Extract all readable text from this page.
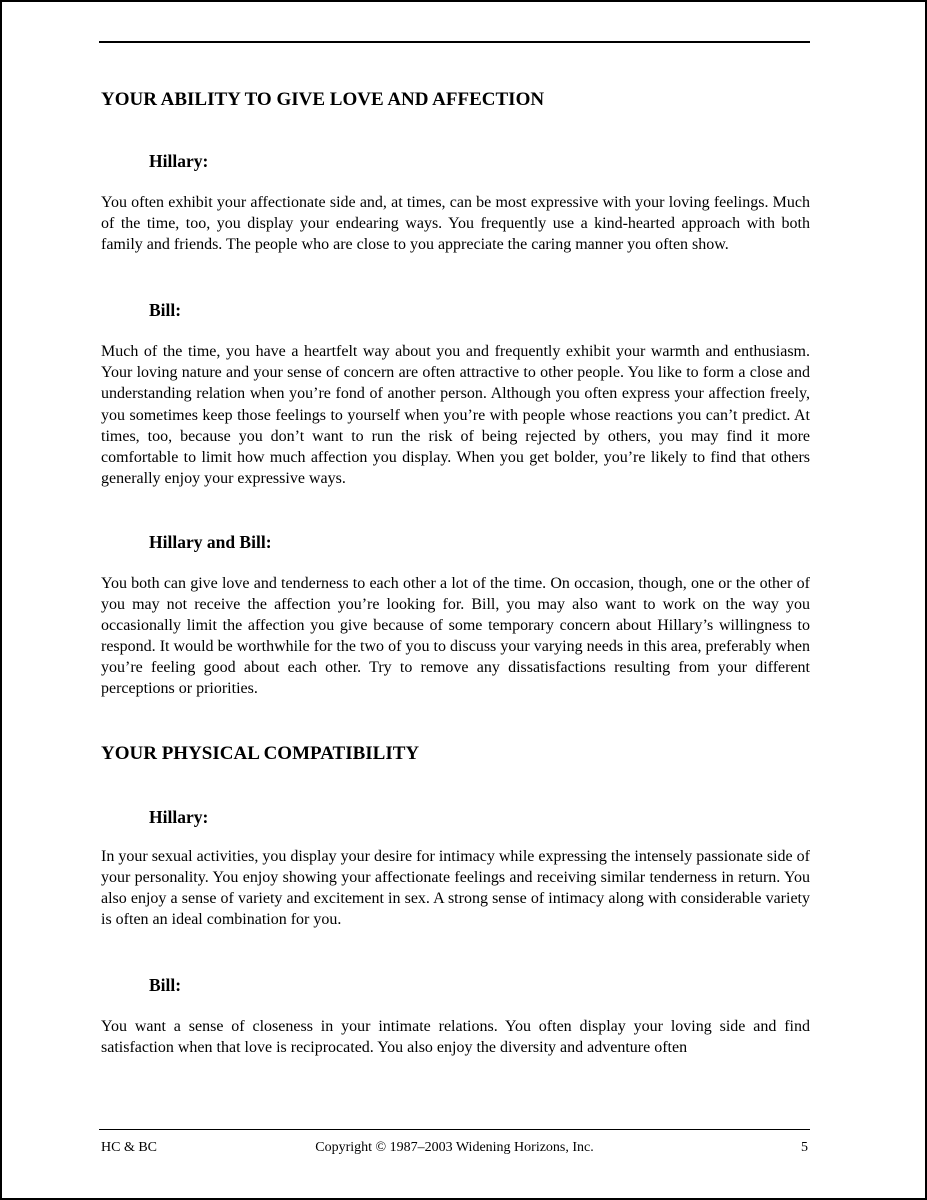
YOUR ABILITY TO GIVE LOVE AND AFFECTION
Hillary:

You often exhibit your affectionate side and, at times, can be most expressive with your loving feelings. Much of the time, too, you display your endearing ways. You frequently use a kind-hearted approach with both family and friends. The people who are close to you appreciate the caring manner you often show.

Bill:

Much of the time, you have a heartfelt way about you and frequently exhibit your warmth and enthusiasm. Your loving nature and your sense of concern are often attractive to other people. You like to form a close and understanding relation when you’re fond of another person. Although you often express your affection freely, you sometimes keep those feelings to yourself when you’re with people whose reactions you can’t predict. At times, too, because you don’t want to run the risk of being rejected by others, you may find it more comfortable to limit how much affection you display. When you get bolder, you’re likely to find that others generally enjoy your expressive ways.

Hillary and Bill:

You both can give love and tenderness to each other a lot of the time. On occasion, though, one or the other of you may not receive the affection you’re looking for. Bill, you may also want to work on the way you occasionally limit the affection you give because of some temporary concern about Hillary’s willingness to respond. It would be worthwhile for the two of you to discuss your varying needs in this area, preferably when you’re feeling good about each other. Try to remove any dissatisfactions resulting from your different perceptions or priorities.

YOUR PHYSICAL COMPATIBILITY
Hillary:

In your sexual activities, you display your desire for intimacy while expressing the intensely passionate side of your personality. You enjoy showing your affectionate feelings and receiving similar tenderness in return. You also enjoy a sense of variety and excitement in sex. A strong sense of intimacy along with considerable variety is often an ideal combination for you.

Bill:

You want a sense of closeness in your intimate relations. You often display your loving side and find satisfaction when that love is reciprocated. You also enjoy the diversity and adventure often

HC & BC	Copyright © 1987–2003 Widening Horizons, Inc.	5
